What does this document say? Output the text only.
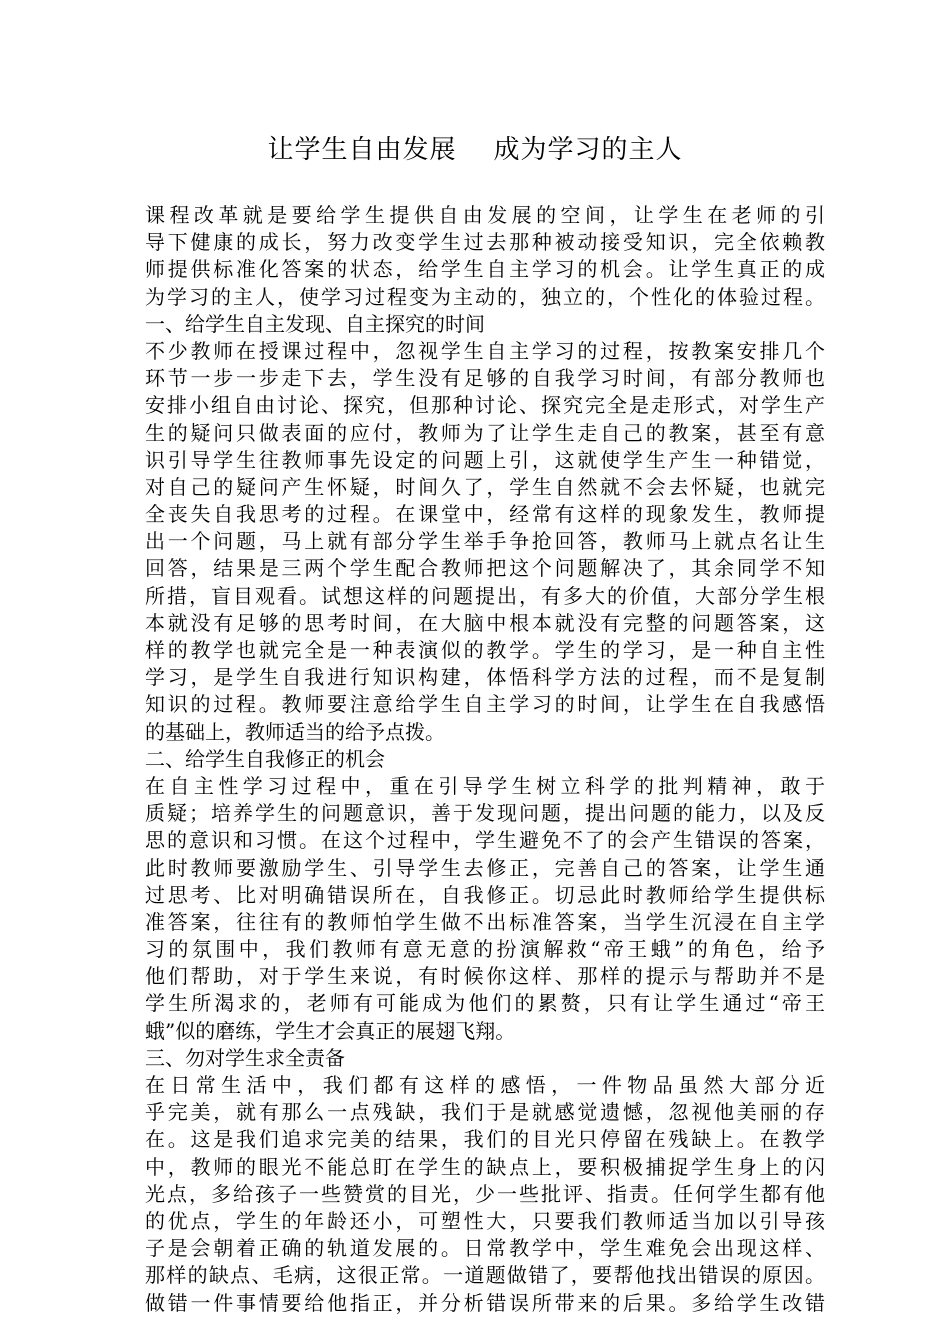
让学生自由发展    成为学习的主人
课程改革就是要给学生提供自由发展的空间，让学生在老师的引
导下健康的成长，努力改变学生过去那种被动接受知识，完全依赖教
师提供标准化答案的状态，给学生自主学习的机会。让学生真正的成
为学习的主人，使学习过程变为主动的，独立的，个性化的体验过程。
一、给学生自主发现、自主探究的时间
不少教师在授课过程中，忽视学生自主学习的过程，按教案安排几个
环节一步一步走下去，学生没有足够的自我学习时间，有部分教师也
安排小组自由讨论、探究，但那种讨论、探究完全是走形式，对学生产
生的疑问只做表面的应付，教师为了让学生走自己的教案，甚至有意
识引导学生往教师事先设定的问题上引，这就使学生产生一种错觉，
对自己的疑问产生怀疑，时间久了，学生自然就不会去怀疑，也就完
全丧失自我思考的过程。在课堂中，经常有这样的现象发生，教师提
出一个问题，马上就有部分学生举手争抢回答，教师马上就点名让生
回答，结果是三两个学生配合教师把这个问题解决了，其余同学不知
所措，盲目观看。试想这样的问题提出，有多大的价值，大部分学生根
本就没有足够的思考时间，在大脑中根本就没有完整的问题答案，这
样的教学也就完全是一种表演似的教学。学生的学习，是一种自主性
学习，是学生自我进行知识构建，体悟科学方法的过程，而不是复制
知识的过程。教师要注意给学生自主学习的时间，让学生在自我感悟
的基础上，教师适当的给予点拨。
二、给学生自我修正的机会
在自主性学习过程中，重在引导学生树立科学的批判精神，敢于
质疑；培养学生的问题意识，善于发现问题，提出问题的能力，以及反
思的意识和习惯。在这个过程中，学生避免不了的会产生错误的答案，
此时教师要激励学生、引导学生去修正，完善自己的答案，让学生通
过思考、比对明确错误所在，自我修正。切忌此时教师给学生提供标
准答案，往往有的教师怕学生做不出标准答案，当学生沉浸在自主学
习的氛围中，我们教师有意无意的扮演解救“帝王蛾”的角色，给予
他们帮助，对于学生来说，有时候你这样、那样的提示与帮助并不是
学生所渴求的，老师有可能成为他们的累赘，只有让学生通过“帝王
蛾”似的磨练，学生才会真正的展翅飞翔。
三、勿对学生求全责备
在日常生活中，我们都有这样的感悟，一件物品虽然大部分近
乎完美，就有那么一点残缺，我们于是就感觉遗憾，忽视他美丽的存
在。这是我们追求完美的结果，我们的目光只停留在残缺上。在教学
中，教师的眼光不能总盯在学生的缺点上，要积极捕捉学生身上的闪
光点，多给孩子一些赞赏的目光，少一些批评、指责。任何学生都有他
的优点，学生的年龄还小，可塑性大，只要我们教师适当加以引导孩
子是会朝着正确的轨道发展的。日常教学中，学生难免会出现这样、
那样的缺点、毛病，这很正常。一道题做错了，要帮他找出错误的原因。
做错一件事情要给他指正，并分析错误所带来的后果。多给学生改错
